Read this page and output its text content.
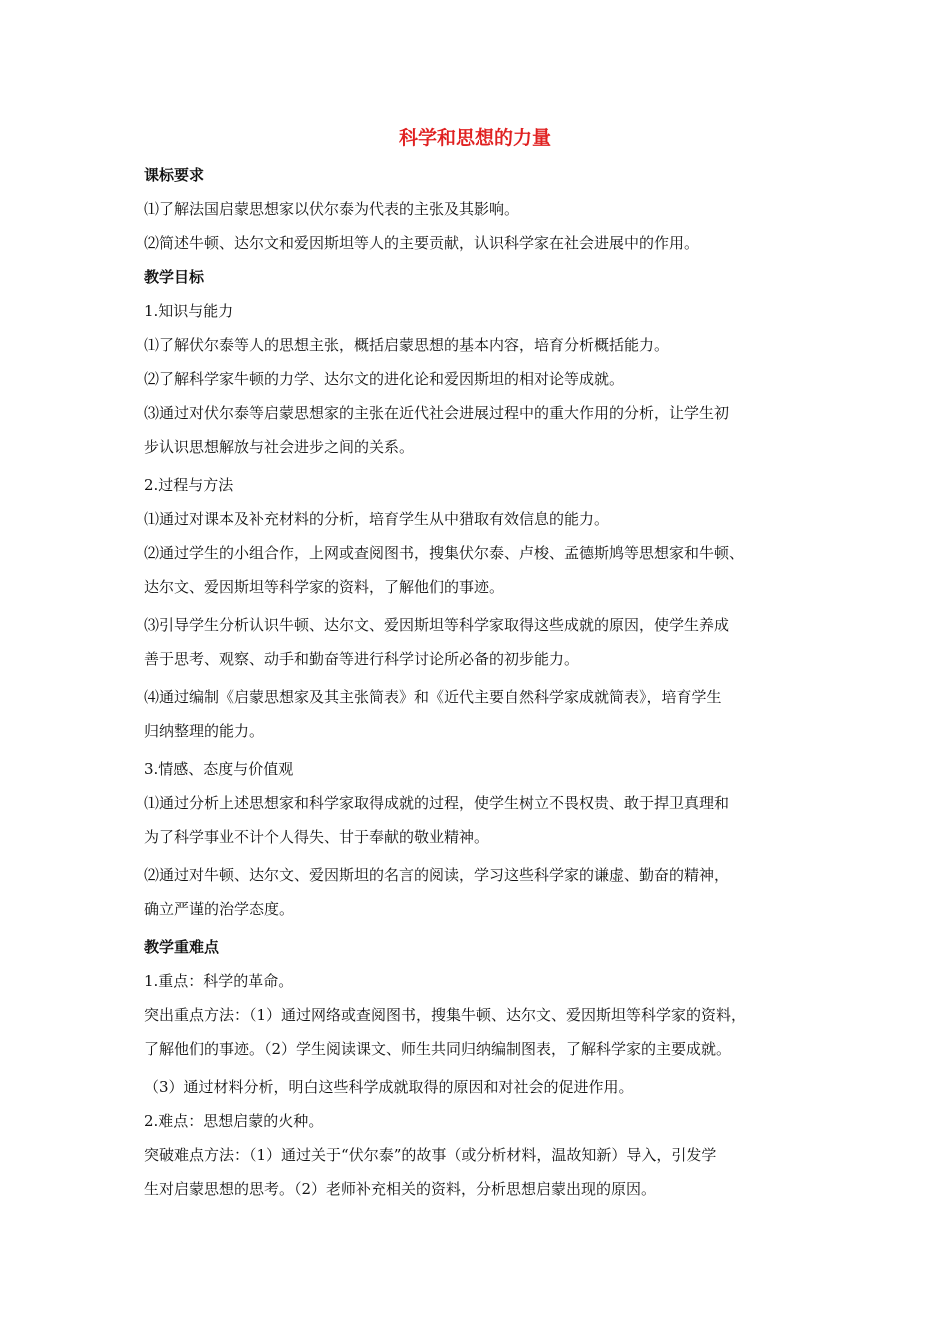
科学和思想的力量

课标要求

⑴了解法国启蒙思想家以伏尔泰为代表的主张及其影响。

⑵简述牛顿、达尔文和爱因斯坦等人的主要贡献，认识科学家在社会进展中的作用。

教学目标

1.知识与能力

⑴了解伏尔泰等人的思想主张，概括启蒙思想的基本内容，培育分析概括能力。

⑵了解科学家牛顿的力学、达尔文的进化论和爱因斯坦的相对论等成就。

⑶通过对伏尔泰等启蒙思想家的主张在近代社会进展过程中的重大作用的分析，让学生初

步认识思想解放与社会进步之间的关系。

2.过程与方法

⑴通过对课本及补充材料的分析，培育学生从中猎取有效信息的能力。

⑵通过学生的小组合作，上网或查阅图书，搜集伏尔泰、卢梭、孟德斯鸠等思想家和牛顿、

达尔文、爱因斯坦等科学家的资料，了解他们的事迹。

⑶引导学生分析认识牛顿、达尔文、爱因斯坦等科学家取得这些成就的原因，使学生养成

善于思考、观察、动手和勤奋等进行科学讨论所必备的初步能力。

⑷通过编制《启蒙思想家及其主张简表》和《近代主要自然科学家成就简表》，培育学生

归纳整理的能力。

3.情感、态度与价值观

⑴通过分析上述思想家和科学家取得成就的过程，使学生树立不畏权贵、敢于捍卫真理和

为了科学事业不计个人得失、甘于奉献的敬业精神。

⑵通过对牛顿、达尔文、爱因斯坦的名言的阅读，学习这些科学家的谦虚、勤奋的精神，

确立严谨的治学态度。

教学重难点

1.重点：科学的革命。

突出重点方法：（1）通过网络或查阅图书，搜集牛顿、达尔文、爱因斯坦等科学家的资料，

了解他们的事迹。（2）学生阅读课文、师生共同归纳编制图表，了解科学家的主要成就。

（3）通过材料分析，明白这些科学成就取得的原因和对社会的促进作用。

2.难点：思想启蒙的火种。

突破难点方法：（1）通过关于“伏尔泰”的故事（或分析材料，温故知新）导入，引发学

生对启蒙思想的思考。（2）老师补充相关的资料，分析思想启蒙出现的原因。
